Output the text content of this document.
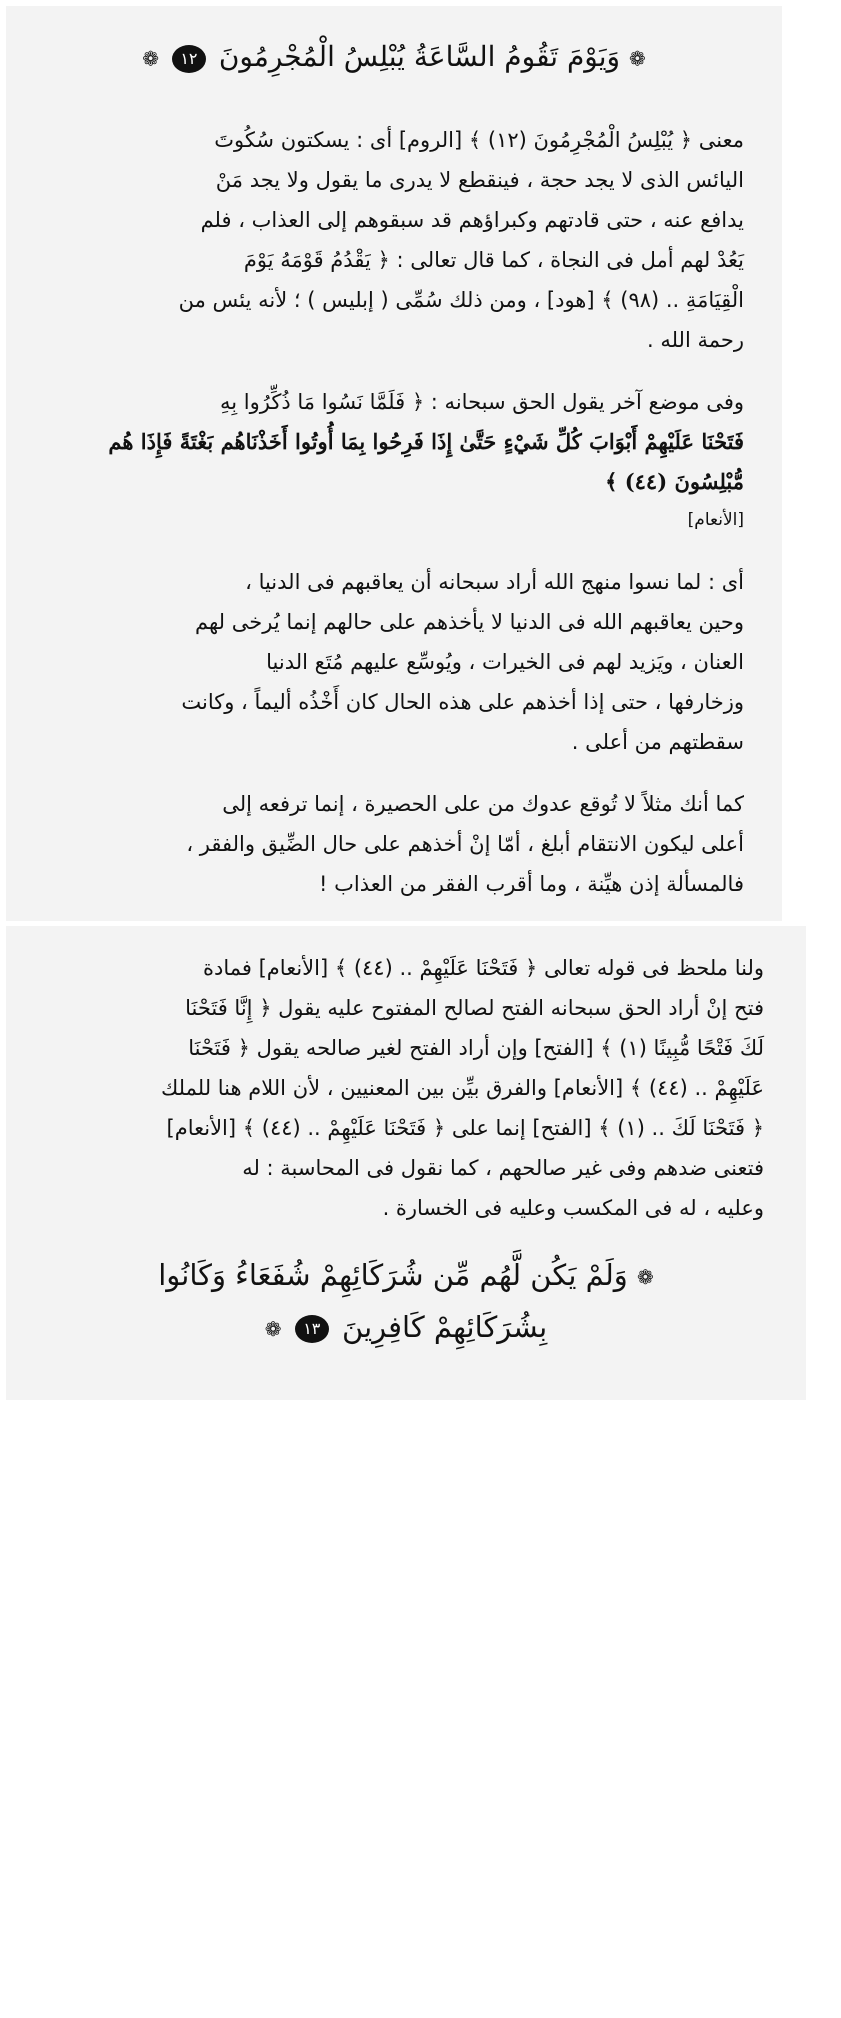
❁ وَيَوْمَ تَقُومُ السَّاعَةُ يُبْلِسُ الْمُجْرِمُونَ ١٢ ❁

معنى ﴿ يُبْلِسُ الْمُجْرِمُونَ (١٢) ﴾ [الروم] أى : يسكتون سُكُوتَ

اليائس الذى لا يجد حجة ، فينقطع لا يدرى ما يقول ولا يجد مَنْ

يدافع عنه ، حتى قادتهم وكبراؤهم قد سبقوهم إلى العذاب ، فلم

يَعُدْ لهم أمل فى النجاة ، كما قال تعالى : ﴿ يَقْدُمُ قَوْمَهُ يَوْمَ

الْقِيَامَةِ .. (٩٨) ﴾ [هود] ، ومن ذلك سُمِّى ( إبليس ) ؛ لأنه يئس من

رحمة الله .

وفى موضع آخر يقول الحق سبحانه : ﴿ فَلَمَّا نَسُوا مَا ذُكِّرُوا بِهِ

فَتَحْنَا عَلَيْهِمْ أَبْوَابَ كُلِّ شَيْءٍ حَتَّىٰ إِذَا فَرِحُوا بِمَا أُوتُوا أَخَذْنَاهُم بَغْتَةً فَإِذَا هُم

مُّبْلِسُونَ (٤٤) ﴾

[الأنعام]

أى : لما نسوا منهج الله أراد سبحانه أن يعاقبهم فى الدنيا ،

وحين يعاقبهم الله فى الدنيا لا يأخذهم على حالهم إنما يُرخى لهم

العنان ، ويَزيد لهم فى الخيرات ، ويُوسِّع عليهم مُتَع الدنيا

وزخارفها ، حتى إذا أخذهم على هذه الحال كان أَخْذُه أليماً ، وكانت

سقطتهم من أعلى .

كما أنك مثلاً لا تُوقع عدوك من على الحصيرة ، إنما ترفعه إلى

أعلى ليكون الانتقام أبلغ ، أمّا إنْ أخذهم على حال الضِّيق والفقر ،

فالمسألة إذن هيِّنة ، وما أقرب الفقر من العذاب !

ولنا ملحظ فى قوله تعالى ﴿ فَتَحْنَا عَلَيْهِمْ .. (٤٤) ﴾ [الأنعام] فمادة

فتح إنْ أراد الحق سبحانه الفتح لصالح المفتوح عليه يقول ﴿ إِنَّا فَتَحْنَا

لَكَ فَتْحًا مُّبِينًا (١) ﴾ [الفتح] وإن أراد الفتح لغير صالحه يقول ﴿ فَتَحْنَا

عَلَيْهِمْ .. (٤٤) ﴾ [الأنعام] والفرق بيِّن بين المعنيين ، لأن اللام هنا للملك

﴿ فَتَحْنَا لَكَ .. (١) ﴾ [الفتح] إنما على ﴿ فَتَحْنَا عَلَيْهِمْ .. (٤٤) ﴾ [الأنعام]

فتعنى ضدهم وفى غير صالحهم ، كما نقول فى المحاسبة : له

وعليه ، له فى المكسب وعليه فى الخسارة .

❁ وَلَمْ يَكُن لَّهُم مِّن شُرَكَائِهِمْ شُفَعَاءُ وَكَانُوا
بِشُرَكَائِهِمْ كَافِرِينَ ١٣ ❁
